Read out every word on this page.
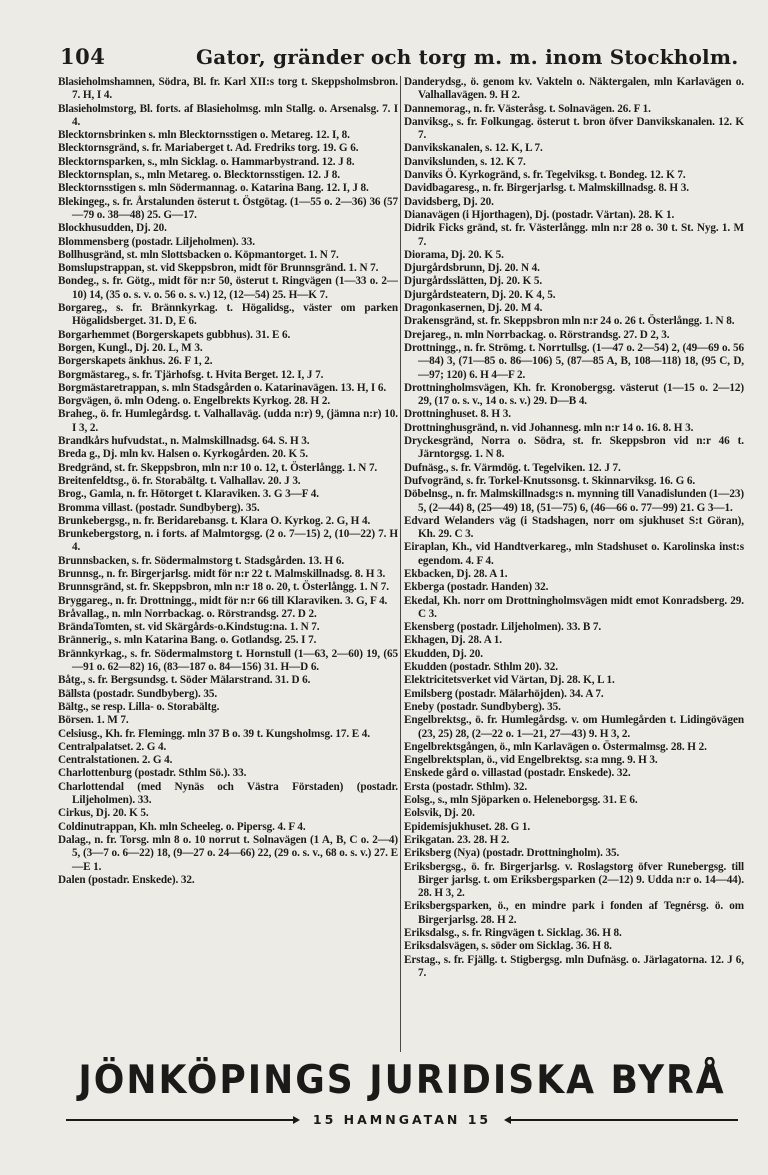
104	Gator, gränder och torg m. m. inom Stockholm.

Blasieholmshamnen, Södra, Bl. fr. Karl XII:s torg t. Skeppsholmsbron. 7. H, I 4.

Blasieholmstorg, Bl. forts. af Blasieholmsg. mln Stallg. o. Arsenalsg. 7. I 4.

Blecktornsbrinken s. mln Blecktornsstigen o. Metareg. 12. I, 8.

Blecktornsgränd, s. fr. Mariaberget t. Ad. Fredriks torg. 19. G 6.

Blecktornsparken, s., mln Sicklag. o. Hammarbystrand. 12. J 8.

Blecktornsplan, s., mln Metareg. o. Blecktornsstigen. 12. J 8.

Blecktornsstigen s. mln Södermannag. o. Katarina Bang. 12. I, J 8.

Blekingeg., s. fr. Årstalunden österut t. Östgötag. (1—55 o. 2—36) 36 (57—79 o. 38—48) 25. G—17.

Blockhusudden, Dj. 20.

Blommensberg (postadr. Liljeholmen). 33.

Bollhusgränd, st. mln Slottsbacken o. Köpmantorget. 1. N 7.

Bomslupstrappan, st. vid Skeppsbron, midt för Brunnsgränd. 1. N 7.

Bondeg., s. fr. Götg., midt för n:r 50, österut t. Ringvägen (1—33 o. 2—10) 14, (35 o. s. v. o. 56 o. s. v.) 12, (12—54) 25. H—K 7.

Borgareg., s. fr. Brännkyrkag. t. Högalidsg., väster om parken Högalidsberget. 31. D, E 6.

Borgarhemmet (Borgerskapets gubbhus). 31. E 6.

Borgen, Kungl., Dj. 20. L, M 3.

Borgerskapets änkhus. 26. F 1, 2.

Borgmästareg., s. fr. Tjärhofsg. t. Hvita Berget. 12. I, J 7.

Borgmästaretrappan, s. mln Stadsgården o. Katarinavägen. 13. H, I 6.

Borgvägen, ö. mln Odeng. o. Engelbrekts Kyrkog. 28. H 2.

Braheg., ö. fr. Humlegårdsg. t. Valhallaväg. (udda n:r) 9, (jämna n:r) 10. I 3, 2.

Brandkårs hufvudstat., n. Malmskillnadsg. 64. S. H 3.

Breda g., Dj. mln kv. Halsen o. Kyrkogården. 20. K 5.

Bredgränd, st. fr. Skeppsbron, mln n:r 10 o. 12, t. Österlångg. 1. N 7.

Breitenfeldtsg., ö. fr. Storabältg. t. Valhallav. 20. J 3.

Brog., Gamla, n. fr. Hötorget t. Klaraviken. 3. G 3—F 4.

Bromma villast. (postadr. Sundbyberg). 35.

Brunkebergsg., n. fr. Beridarebansg. t. Klara O. Kyrkog. 2. G, H 4.

Brunkebergstorg, n. i forts. af Malmtorgsg. (2 o. 7—15) 2, (10—22) 7. H 4.

Brunnsbacken, s. fr. Södermalmstorg t. Stadsgården. 13. H 6.

Brunnsg., n. fr. Birgerjarlsg. midt för n:r 22 t. Malmskillnadsg. 8. H 3.

Brunnsgränd, st. fr. Skeppsbron, mln n:r 18 o. 20, t. Österlångg. 1. N 7.

Bryggareg., n. fr. Drottningg., midt för n:r 66 till Klaraviken. 3. G, F 4.

Bråvallag., n. mln Norrbackag. o. Rörstrandsg. 27. D 2.

BrändaTomten, st. vid Skärgårds-o.Kindstug:na. 1. N 7.

Brännerig., s. mln Katarina Bang. o. Gotlandsg. 25. I 7.

Brännkyrkag., s. fr. Södermalmstorg t. Hornstull (1—63, 2—60) 19, (65—91 o. 62—82) 16, (83—187 o. 84—156) 31. H—D 6.

Båtg., s. fr. Bergsundsg. t. Söder Mälarstrand. 31. D 6.

Bällsta (postadr. Sundbyberg). 35.

Bältg., se resp. Lilla- o. Storabältg.

Börsen. 1. M 7.

Celsiusg., Kh. fr. Flemingg. mln 37 B o. 39 t. Kungsholmsg. 17. E 4.

Centralpalatset. 2. G 4.

Centralstationen. 2. G 4.

Charlottenburg (postadr. Sthlm Sö.). 33.

Charlottendal (med Nynäs och Västra Förstaden) (postadr. Liljeholmen). 33.

Cirkus, Dj. 20. K 5.

Coldinutrappan, Kh. mln Scheeleg. o. Pipersg. 4. F 4.

Dalag., n. fr. Torsg. mln 8 o. 10 norrut t. Solnavägen (1 A, B, C o. 2—4) 5, (3—7 o. 6—22) 18, (9—27 o. 24—66) 22, (29 o. s. v., 68 o. s. v.) 27. E—E 1.

Dalen (postadr. Enskede). 32.

Danderydsg., ö. genom kv. Vakteln o. Näktergalen, mln Karlavägen o. Valhallavägen. 9. H 2.

Dannemorag., n. fr. Västeråsg. t. Solnavägen. 26. F 1.

Danviksg., s. fr. Folkungag. österut t. bron öfver Danvikskanalen. 12. K 7.

Danvikskanalen, s. 12. K, L 7.

Danvikslunden, s. 12. K 7.

Danviks Ö. Kyrkogränd, s. fr. Tegelviksg. t. Bondeg. 12. K 7.

Davidbagaresg., n. fr. Birgerjarlsg. t. Malmskillnadsg. 8. H 3.

Davidsberg, Dj. 20.

Dianavägen (i Hjorthagen), Dj. (postadr. Värtan). 28. K 1.

Didrik Ficks gränd, st. fr. Västerlångg. mln n:r 28 o. 30 t. St. Nyg. 1. M 7.

Diorama, Dj. 20. K 5.

Djurgårdsbrunn, Dj. 20. N 4.

Djurgårdsslätten, Dj. 20. K 5.

Djurgårdsteatern, Dj. 20. K 4, 5.

Dragonkasernen, Dj. 20. M 4.

Drakensgränd, st. fr. Skeppsbron mln n:r 24 o. 26 t. Österlångg. 1. N 8.

Drejareg., n. mln Norrbackag. o. Rörstrandsg. 27. D 2, 3.

Drottningg., n. fr. Strömg. t. Norrtullsg. (1—47 o. 2—54) 2, (49—69 o. 56—84) 3, (71—85 o. 86—106) 5, (87—85 A, B, 108—118) 18, (95 C, D, —97; 120) 6. H 4—F 2.

Drottningholmsvägen, Kh. fr. Kronobergsg. västerut (1—15 o. 2—12) 29, (17 o. s. v., 14 o. s. v.) 29. D—B 4.

Drottninghuset. 8. H 3.

Drottninghusgränd, n. vid Johannesg. mln n:r 14 o. 16. 8. H 3.

Dryckesgränd, Norra o. Södra, st. fr. Skeppsbron vid n:r 46 t. Järntorgsg. 1. N 8.

Dufnäsg., s. fr. Värmdög. t. Tegelviken. 12. J 7.

Dufvogränd, s. fr. Torkel-Knutssonsg. t. Skinnarviksg. 16. G 6.

Döbelnsg., n. fr. Malmskillnadsg:s n. mynning till Vanadislunden (1—23) 5, (2—44) 8, (25—49) 18, (51—75) 6, (46—66 o. 77—99) 21. G 3—1.

Edvard Welanders väg (i Stadshagen, norr om sjukhuset S:t Göran), Kh. 29. C 3.

Eiraplan, Kh., vid Handtverkareg., mln Stadshuset o. Karolinska inst:s egendom. 4. F 4.

Ekbacken, Dj. 28. A 1.

Ekberga (postadr. Handen) 32.

Ekedal, Kh. norr om Drottningholmsvägen midt emot Konradsberg. 29. C 3.

Ekensberg (postadr. Liljeholmen). 33. B 7.

Ekhagen, Dj. 28. A 1.

Ekudden, Dj. 20.

Ekudden (postadr. Sthlm 20). 32.

Elektricitetsverket vid Värtan, Dj. 28. K, L 1.

Emilsberg (postadr. Mälarhöjden). 34. A 7.

Eneby (postadr. Sundbyberg). 35.

Engelbrektsg., ö. fr. Humlegårdsg. v. om Humlegården t. Lidingövägen (23, 25) 28, (2—22 o. 1—21, 27—43) 9. H 3, 2.

Engelbrektsgången, ö., mln Karlavägen o. Östermalmsg. 28. H 2.

Engelbrektsplan, ö., vid Engelbrektsg. s:a mng. 9. H 3.

Enskede gård o. villastad (postadr. Enskede). 32.

Ersta (postadr. Sthlm). 32.

Eolsg., s., mln Sjöparken o. Heleneborgsg. 31. E 6.

Eolsvik, Dj. 20.

Epidemisjukhuset. 28. G 1.

Erikgatan. 23. 28. H 2.

Eriksberg (Nya) (postadr. Drottningholm). 35.

Eriksbergsg., ö. fr. Birgerjarlsg. v. Roslagstorg öfver Runebergsg. till Birger jarlsg. t. om Eriksbergsparken (2—12) 9. Udda n:r o. 14—44). 28. H 3, 2.

Eriksbergsparken, ö., en mindre park i fonden af Tegnérsg. ö. om Birgerjarlsg. 28. H 2.

Eriksdalsg., s. fr. Ringvägen t. Sicklag. 36. H 8.

Eriksdalsvägen, s. söder om Sicklag. 36. H 8.

Erstag., s. fr. Fjällg. t. Stigbergsg. mln Dufnäsg. o. Järlagatorna. 12. J 6, 7.

JÖNKÖPINGS JURIDISKA BYRÅ
15 HAMNGATAN 15
